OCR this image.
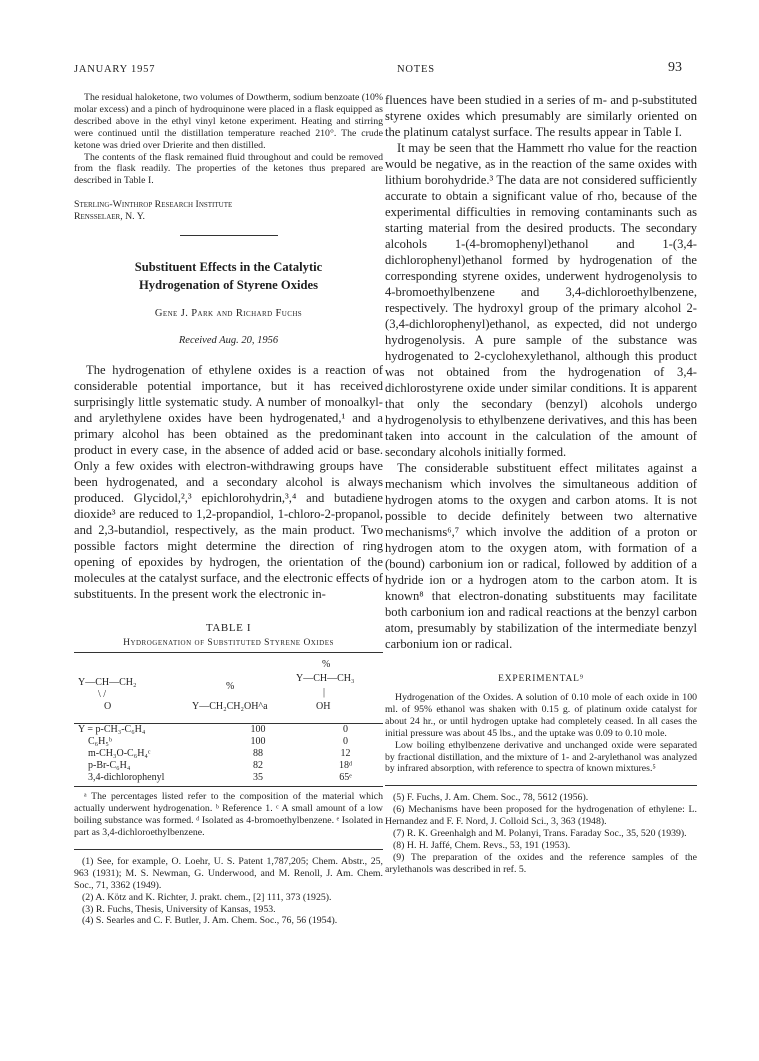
JANUARY 1957	NOTES	93

The residual haloketone, two volumes of Dowtherm, sodium benzoate (10% molar excess) and a pinch of hydroquinone were placed in a flask equipped as described above in the ethyl vinyl ketone experiment. Heating and stirring were continued until the distillation temperature reached 210°. The crude ketone was dried over Drierite and then distilled.

The contents of the flask remained fluid throughout and could be removed from the flask readily. The properties of the ketones thus prepared are described in Table I.

Sterling-Winthrop Research Institute
Rensselaer, N. Y.
Substituent Effects in the Catalytic
Hydrogenation of Styrene Oxides
Gene J. Park and Richard Fuchs
Received Aug. 20, 1956

The hydrogenation of ethylene oxides is a reaction of considerable potential importance, but it has received surprisingly little systematic study. A number of monoalkyl- and arylethylene oxides have been hydrogenated,¹ and a primary alcohol has been obtained as the predominant product in every case, in the absence of added acid or base. Only a few oxides with electron-withdrawing groups have been hydrogenated, and a secondary alcohol is always produced. Glycidol,²,³ epichlorohydrin,³,⁴ and butadiene dioxide³ are reduced to 1,2-propandiol, 1-chloro-2-propanol, and 2,3-butandiol, respectively, as the main product. Two possible factors might determine the direction of ring opening of epoxides by hydrogen, the orientation of the molecules at the catalyst surface, and the electronic effects of substituents. In the present work the electronic in-

TABLE I
Hydrogenation of Substituted Styrene Oxides
Y—CH—CH₂
\ /
O
%
Y—CH₂CH₂OH^a
%
Y—CH—CH₃
|
OH
Y = p-CH₃-C₆H₄	100	0
C₆H₅ᵇ	100	0
m-CH₃O-C₆H₄ᶜ	88	12
p-Br-C₆H₄	82	18ᵈ
3,4-dichlorophenyl	35	65ᵉ

ᵃ The percentages listed refer to the composition of the material which actually underwent hydrogenation. ᵇ Reference 1. ᶜ A small amount of a low boiling substance was formed. ᵈ Isolated as 4-bromoethylbenzene. ᵉ Isolated in part as 3,4-dichloroethylbenzene.

(1) See, for example, O. Loehr, U. S. Patent 1,787,205; Chem. Abstr., 25, 963 (1931); M. S. Newman, G. Underwood, and M. Renoll, J. Am. Chem. Soc., 71, 3362 (1949).

(2) A. Kötz and K. Richter, J. prakt. chem., [2] 111, 373 (1925).

(3) R. Fuchs, Thesis, University of Kansas, 1953.

(4) S. Searles and C. F. Butler, J. Am. Chem. Soc., 76, 56 (1954).

fluences have been studied in a series of m- and p-substituted styrene oxides which presumably are similarly oriented on the platinum catalyst surface. The results appear in Table I.

It may be seen that the Hammett rho value for the reaction would be negative, as in the reaction of the same oxides with lithium borohydride.³ The data are not considered sufficiently accurate to obtain a significant value of rho, because of the experimental difficulties in removing contaminants such as starting material from the desired products. The secondary alcohols 1-(4-bromophenyl)ethanol and 1-(3,4-dichlorophenyl)ethanol formed by hydrogenation of the corresponding styrene oxides, underwent hydrogenolysis to 4-bromoethylbenzene and 3,4-dichloroethylbenzene, respectively. The hydroxyl group of the primary alcohol 2-(3,4-dichlorophenyl)ethanol, as expected, did not undergo hydrogenolysis. A pure sample of the substance was hydrogenated to 2-cyclohexylethanol, although this product was not obtained from the hydrogenation of 3,4-dichlorostyrene oxide under similar conditions. It is apparent that only the secondary (benzyl) alcohols undergo hydrogenolysis to ethylbenzene derivatives, and this has been taken into account in the calculation of the amount of secondary alcohols initially formed.

The considerable substituent effect militates against a mechanism which involves the simultaneous addition of hydrogen atoms to the oxygen and carbon atoms. It is not possible to decide definitely between two alternative mechanisms⁶,⁷ which involve the addition of a proton or hydrogen atom to the oxygen atom, with formation of a (bound) carbonium ion or radical, followed by addition of a hydride ion or a hydrogen atom to the carbon atom. It is known⁸ that electron-donating substituents may facilitate both carbonium ion and radical reactions at the benzyl carbon atom, presumably by stabilization of the intermediate benzyl carbonium ion or radical.

EXPERIMENTAL⁹

Hydrogenation of the Oxides. A solution of 0.10 mole of each oxide in 100 ml. of 95% ethanol was shaken with 0.15 g. of platinum oxide catalyst for about 24 hr., or until hydrogen uptake had completely ceased. In all cases the initial pressure was about 45 lbs., and the uptake was 0.09 to 0.10 mole.

Low boiling ethylbenzene derivative and unchanged oxide were separated by fractional distillation, and the mixture of 1- and 2-arylethanol was analyzed by infrared absorption, with reference to spectra of known mixtures.⁵

(5) F. Fuchs, J. Am. Chem. Soc., 78, 5612 (1956).

(6) Mechanisms have been proposed for the hydrogenation of ethylene: L. Hernandez and F. F. Nord, J. Colloid Sci., 3, 363 (1948).

(7) R. K. Greenhalgh and M. Polanyi, Trans. Faraday Soc., 35, 520 (1939).

(8) H. H. Jaffé, Chem. Revs., 53, 191 (1953).

(9) The preparation of the oxides and the reference samples of the arylethanols was described in ref. 5.
